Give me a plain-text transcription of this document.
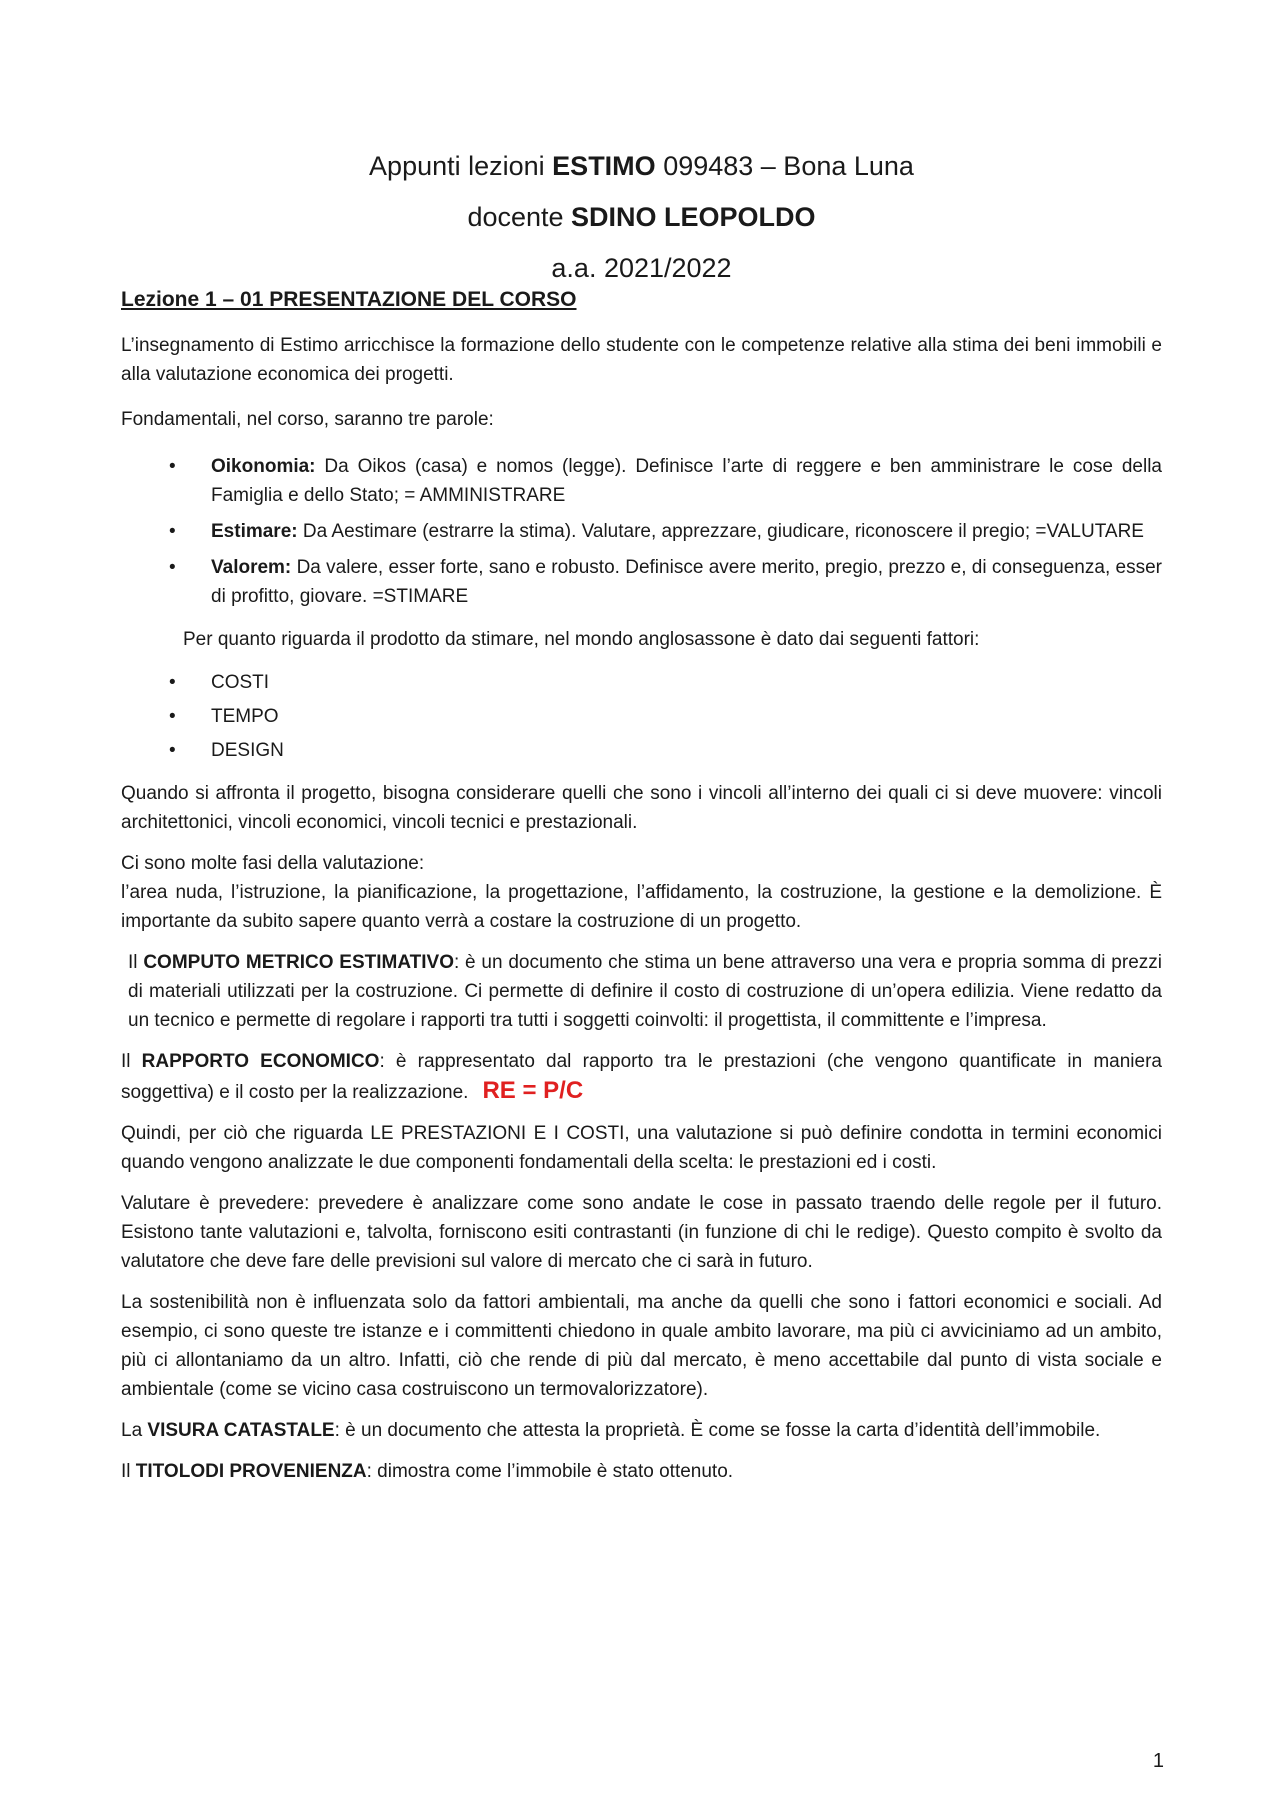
Appunti lezioni ESTIMO 099483 – Bona Luna
docente SDINO LEOPOLDO
a.a. 2021/2022
Lezione 1 – 01 PRESENTAZIONE DEL CORSO

L’insegnamento di Estimo arricchisce la formazione dello studente con le competenze relative alla stima dei beni immobili e alla valutazione economica dei progetti.

Fondamentali, nel corso, saranno tre parole:

• Oikonomia: Da Oikos (casa) e nomos (legge). Definisce l’arte di reggere e ben amministrare le cose della Famiglia e dello Stato; = AMMINISTRARE
• Estimare: Da Aestimare (estrarre la stima). Valutare, apprezzare, giudicare, riconoscere il pregio; =VALUTARE
• Valorem: Da valere, esser forte, sano e robusto. Definisce avere merito, pregio, prezzo e, di conseguenza, esser di profitto, giovare. =STIMARE

Per quanto riguarda il prodotto da stimare, nel mondo anglosassone è dato dai seguenti fattori:

• COSTI
• TEMPO
• DESIGN

Quando si affronta il progetto, bisogna considerare quelli che sono i vincoli all’interno dei quali ci si deve muovere: vincoli architettonici, vincoli economici, vincoli tecnici e prestazionali.

Ci sono molte fasi della valutazione:
l’area nuda, l’istruzione, la pianificazione, la progettazione, l’affidamento, la costruzione, la gestione e la demolizione. È importante da subito sapere quanto verrà a costare la costruzione di un progetto.

Il COMPUTO METRICO ESTIMATIVO: è un documento che stima un bene attraverso una vera e propria somma di prezzi di materiali utilizzati per la costruzione. Ci permette di definire il costo di costruzione di un’opera edilizia. Viene redatto da un tecnico e permette di regolare i rapporti tra tutti i soggetti coinvolti: il progettista, il committente e l’impresa.

Il RAPPORTO ECONOMICO: è rappresentato dal rapporto tra le prestazioni (che vengono quantificate in maniera soggettiva) e il costo per la realizzazione. RE = P/C

Quindi, per ciò che riguarda LE PRESTAZIONI E I COSTI, una valutazione si può definire condotta in termini economici quando vengono analizzate le due componenti fondamentali della scelta: le prestazioni ed i costi.

Valutare è prevedere: prevedere è analizzare come sono andate le cose in passato traendo delle regole per il futuro. Esistono tante valutazioni e, talvolta, forniscono esiti contrastanti (in funzione di chi le redige). Questo compito è svolto da valutatore che deve fare delle previsioni sul valore di mercato che ci sarà in futuro.

La sostenibilità non è influenzata solo da fattori ambientali, ma anche da quelli che sono i fattori economici e sociali. Ad esempio, ci sono queste tre istanze e i committenti chiedono in quale ambito lavorare, ma più ci avviciniamo ad un ambito, più ci allontaniamo da un altro. Infatti, ciò che rende di più dal mercato, è meno accettabile dal punto di vista sociale e ambientale (come se vicino casa costruiscono un termovalorizzatore).

La VISURA CATASTALE: è un documento che attesta la proprietà. È come se fosse la carta d’identità dell’immobile.

Il TITOLODI PROVENIENZA: dimostra come l’immobile è stato ottenuto.

1
